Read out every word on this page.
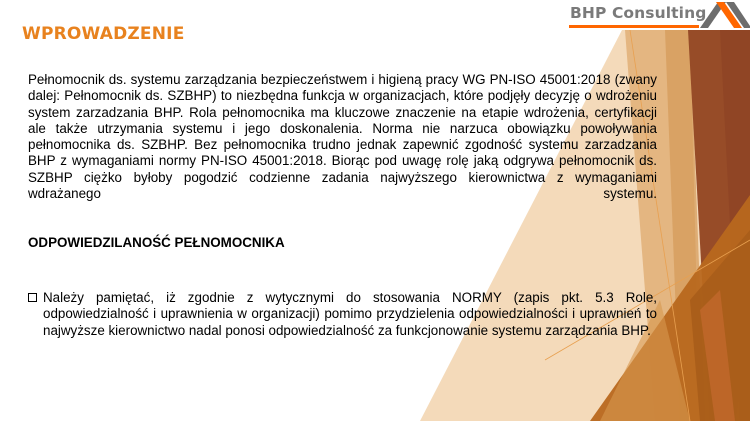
BHP Consulting
WPROWADZENIE

Pełnomocnik ds. systemu zarządzania bezpieczeństwem i higieną pracy WG PN-ISO 45001:2018 (zwany dalej: Pełnomocnik ds. SZBHP) to niezbędna funkcja w organizacjach, które podjęły decyzję o wdrożeniu system zarzadzania BHP. Rola pełnomocnika ma kluczowe znaczenie na etapie wdrożenia, certyfikacji ale także utrzymania systemu i jego doskonalenia. Norma nie narzuca obowiązku powoływania pełnomocnika ds. SZBHP. Bez pełnomocnika trudno jednak zapewnić zgodność systemu zarzadzania BHP z wymaganiami normy PN-ISO 45001:2018. Biorąc pod uwagę rolę jaką odgrywa pełnomocnik ds. SZBHP ciężko byłoby pogodzić codzienne zadania najwyższego kierownictwa z wymaganiami wdrażanego systemu.

ODPOWIEDZILANOŚĆ PEŁNOMOCNIKA
Należy pamiętać, iż zgodnie z wytycznymi do stosowania NORMY (zapis pkt. 5.3 Role, odpowiedzialność i uprawnienia w organizacji) pomimo przydzielenia odpowiedzialności i uprawnień to najwyższe kierownictwo nadal ponosi odpowiedzialność za funkcjonowanie systemu zarządzania BHP.
